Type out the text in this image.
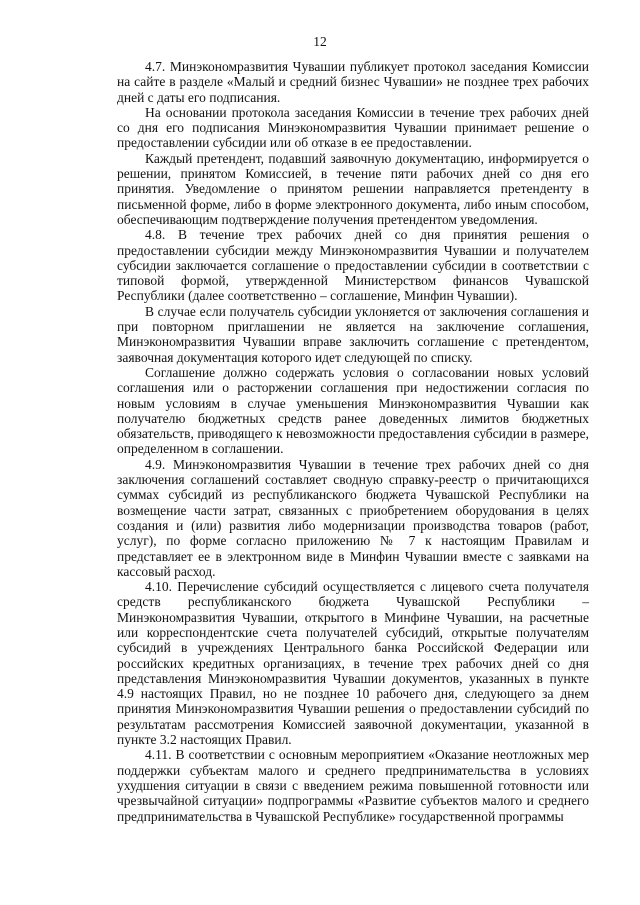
12

4.7. Минэкономразвития Чувашии публикует протокол заседания Комиссии на сайте в разделе «Малый и средний бизнес Чувашии» не позднее трех рабочих дней с даты его подписания.

На основании протокола заседания Комиссии в течение трех рабочих дней со дня его подписания Минэкономразвития Чувашии принимает решение о предоставлении субсидии или об отказе в ее предоставлении.

Каждый претендент, подавший заявочную документацию, информируется о решении, принятом Комиссией, в течение пяти рабочих дней со дня его принятия. Уведомление о принятом решении направляется претенденту в письменной форме, либо в форме электронного документа, либо иным способом, обеспечивающим подтверждение получения претендентом уведомления.

4.8. В течение трех рабочих дней со дня принятия решения о предоставлении субсидии между Минэкономразвития Чувашии и получателем субсидии заключается соглашение о предоставлении субсидии в соответствии с типовой формой, утвержденной Министерством финансов Чувашской Республики (далее соответственно – соглашение, Минфин Чувашии).

В случае если получатель субсидии уклоняется от заключения соглашения и при повторном приглашении не является на заключение соглашения, Минэкономразвития Чувашии вправе заключить соглашение с претендентом, заявочная документация которого идет следующей по списку.

Соглашение должно содержать условия о согласовании новых условий соглашения или о расторжении соглашения при недостижении согласия по новым условиям в случае уменьшения Минэкономразвития Чувашии как получателю бюджетных средств ранее доведенных лимитов бюджетных обязательств, приводящего к невозможности предоставления субсидии в размере, определенном в соглашении.

4.9. Минэкономразвития Чувашии в течение трех рабочих дней со дня заключения соглашений составляет сводную справку-реестр о причитающихся суммах субсидий из республиканского бюджета Чувашской Республики на возмещение части затрат, связанных с приобретением оборудования в целях создания и (или) развития либо модернизации производства товаров (работ, услуг), по форме согласно приложению № 7 к настоящим Правилам и представляет ее в электронном виде в Минфин Чувашии вместе с заявками на кассовый расход.

4.10. Перечисление субсидий осуществляется с лицевого счета получателя средств республиканского бюджета Чувашской Республики – Минэкономразвития Чувашии, открытого в Минфине Чувашии, на расчетные или корреспондентские счета получателей субсидий, открытые получателям субсидий в учреждениях Центрального банка Российской Федерации или российских кредитных организациях, в течение трех рабочих дней со дня представления Минэкономразвития Чувашии документов, указанных в пункте 4.9 настоящих Правил, но не позднее 10 рабочего дня, следующего за днем принятия Минэкономразвития Чувашии решения о предоставлении субсидий по результатам рассмотрения Комиссией заявочной документации, указанной в пункте 3.2 настоящих Правил.

4.11. В соответствии с основным мероприятием «Оказание неотложных мер поддержки субъектам малого и среднего предпринимательства в условиях ухудшения ситуации в связи с введением режима повышенной готовности или чрезвычайной ситуации» подпрограммы «Развитие субъектов малого и среднего предпринимательства в Чувашской Республике» государственной программы
